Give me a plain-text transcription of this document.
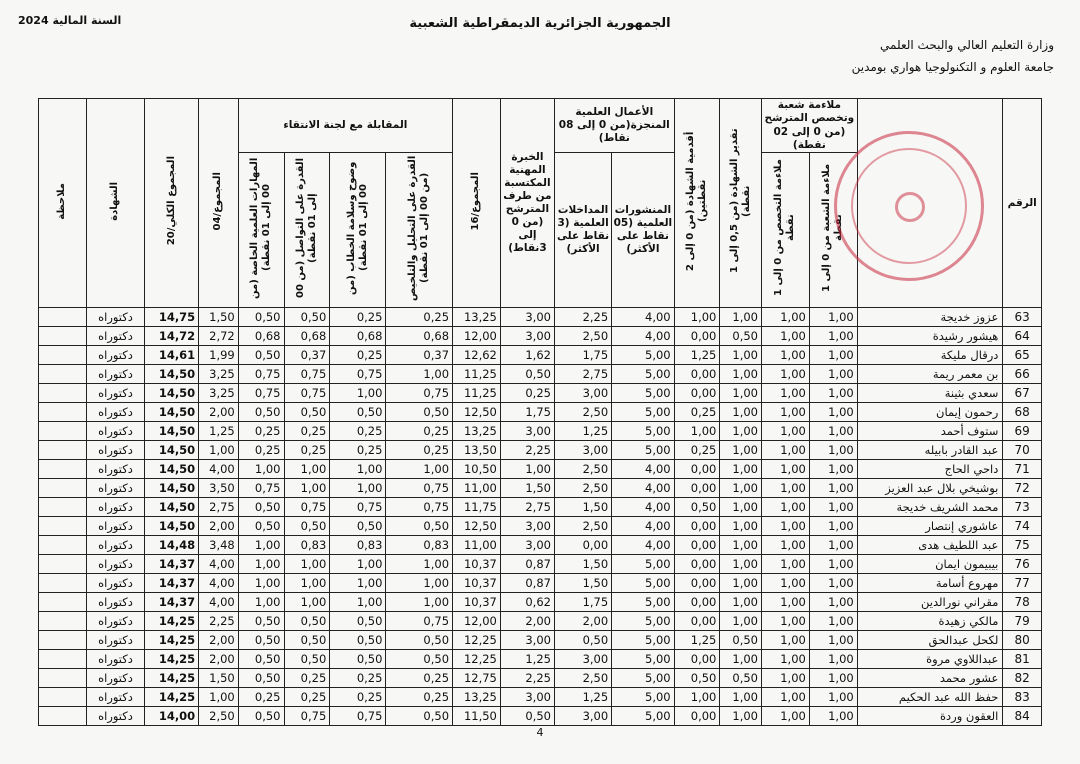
السنة المالية 2024	الجمهورية الجزائرية الديمقراطية الشعبية
وزارة التعليم العالي والبحث العلمي
جامعة العلوم و التكنولوجيا هواري بومدين
ملاحظة	الشهادة	المجموع الكلي/20	المجموع/04	المقابلة مع لجنة الانتقاء				المجموع/16	الخبرة المهنية المكتسبة من طرف المترشح (من 0 إلى 3نقاط)	الأعمال العلمية المنجزة(من 0 إلى 08 نقاط)		أقدمية الشهادة (من 0 إلى 2 نقطتين)	تقدير الشهادة (من 0,5 إلى 1 نقطة)	ملاءمة شعبة وتخصص المترشح (من 0 إلى 02 نقطة)			الرقم
				المهارات العلمية الخاصة (من 00 إلى 01 نقطة)	القدرة على التواصل (من 00 إلى 01 نقطة)	وضوح وسلامة الخطاب (من 00 إلى 01 نقطة)	القدرة على التحليل والتلخيص (من 00 إلى 01 نقطة)			المداخلات العلمية (3 نقاط على الأكثر)	المنشورات العلمية (05 نقاط على الأكثر)			ملاءمة التخصص من 0 إلى 1 نقطة	ملاءمة الشعبة من 0 إلى 1 نقطة		
	دكتوراه	14,75	1,50	0,50	0,50	0,25	0,25	13,25	3,00	2,25	4,00	1,00	1,00	1,00	1,00	عزوز خديجة	63
	دكتوراه	14,72	2,72	0,68	0,68	0,68	0,68	12,00	3,00	2,50	4,00	0,00	0,50	1,00	1,00	هيشور رشيدة	64
	دكتوراه	14,61	1,99	0,50	0,37	0,25	0,37	12,62	1,62	1,75	5,00	1,25	1,00	1,00	1,00	درقال مليكة	65
	دكتوراه	14,50	3,25	0,75	0,75	0,75	1,00	11,25	0,50	2,75	5,00	0,00	1,00	1,00	1,00	بن معمر ريمة	66
	دكتوراه	14,50	3,25	0,75	0,75	1,00	0,75	11,25	0,25	3,00	5,00	0,00	1,00	1,00	1,00	سعدي بثينة	67
	دكتوراه	14,50	2,00	0,50	0,50	0,50	0,50	12,50	1,75	2,50	5,00	0,25	1,00	1,00	1,00	رحمون إيمان	68
	دكتوراه	14,50	1,25	0,25	0,25	0,25	0,25	13,25	3,00	1,25	5,00	1,00	1,00	1,00	1,00	ستوف أحمد	69
	دكتوراه	14,50	1,00	0,25	0,25	0,25	0,25	13,50	2,25	3,00	5,00	0,25	1,00	1,00	1,00	عبد القادر بابيله	70
	دكتوراه	14,50	4,00	1,00	1,00	1,00	1,00	10,50	1,00	2,50	4,00	0,00	1,00	1,00	1,00	داحي الحاج	71
	دكتوراه	14,50	3,50	0,75	1,00	1,00	0,75	11,00	1,50	2,50	4,00	0,00	1,00	1,00	1,00	بوشيخي بلال عبد العزيز	72
	دكتوراه	14,50	2,75	0,50	0,75	0,75	0,75	11,75	2,75	1,50	4,00	0,50	1,00	1,00	1,00	محمد الشريف خديجة	73
	دكتوراه	14,50	2,00	0,50	0,50	0,50	0,50	12,50	3,00	2,50	4,00	0,00	1,00	1,00	1,00	عاشوري إنتصار	74
	دكتوراه	14,48	3,48	1,00	0,83	0,83	0,83	11,00	3,00	0,00	4,00	0,00	1,00	1,00	1,00	عبد اللطيف هدى	75
	دكتوراه	14,37	4,00	1,00	1,00	1,00	1,00	10,37	0,87	1,50	5,00	0,00	1,00	1,00	1,00	بيبيمون ايمان	76
	دكتوراه	14,37	4,00	1,00	1,00	1,00	1,00	10,37	0,87	1,50	5,00	0,00	1,00	1,00	1,00	مهروع أسامة	77
	دكتوراه	14,37	4,00	1,00	1,00	1,00	1,00	10,37	0,62	1,75	5,00	0,00	1,00	1,00	1,00	مقراني نورالدين	78
	دكتوراه	14,25	2,25	0,50	0,50	0,50	0,75	12,00	2,00	2,00	5,00	0,00	1,00	1,00	1,00	مالكي زهيدة	79
	دكتوراه	14,25	2,00	0,50	0,50	0,50	0,50	12,25	3,00	0,50	5,00	1,25	0,50	1,00	1,00	لكحل عبدالحق	80
	دكتوراه	14,25	2,00	0,50	0,50	0,50	0,50	12,25	1,25	3,00	5,00	0,00	1,00	1,00	1,00	عبداللاوي مروة	81
	دكتوراه	14,25	1,50	0,50	0,25	0,25	0,25	12,75	2,25	2,50	5,00	0,50	0,50	1,00	1,00	عشور محمد	82
	دكتوراه	14,25	1,00	0,25	0,25	0,25	0,25	13,25	3,00	1,25	5,00	1,00	1,00	1,00	1,00	حفظ الله عبد الحكيم	83
	دكتوراه	14,00	2,50	0,50	0,75	0,75	0,50	11,50	0,50	3,00	5,00	0,00	1,00	1,00	1,00	العقون وردة	84
4
